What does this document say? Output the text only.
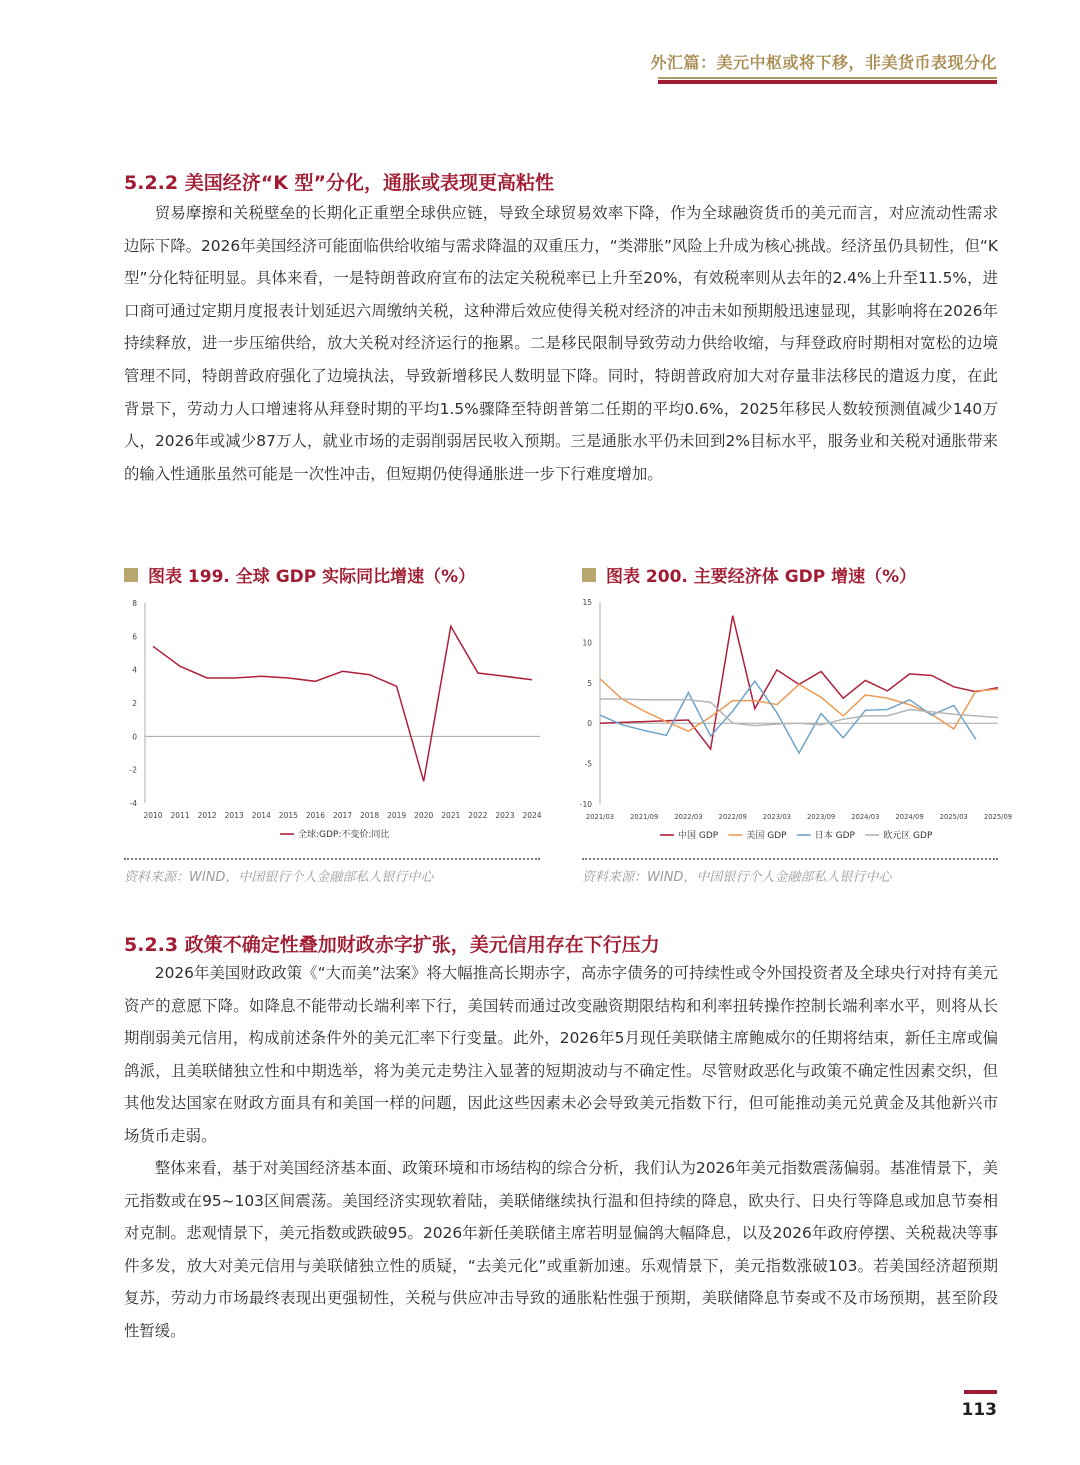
外汇篇：美元中枢或将下移，非美货币表现分化
5.2.2 美国经济“K 型”分化，通胀或表现更高粘性

贸易摩擦和关税壁垒的长期化正重塑全球供应链，导致全球贸易效率下降，作为全球融资货币的美元而言，对应流动性需求边际下降。2026年美国经济可能面临供给收缩与需求降温的双重压力，“类滞胀”风险上升成为核心挑战。经济虽仍具韧性，但“K型”分化特征明显。具体来看，一是特朗普政府宣布的法定关税税率已上升至20%，有效税率则从去年的2.4%上升至11.5%，进口商可通过定期月度报表计划延迟六周缴纳关税，这种滞后效应使得关税对经济的冲击未如预期般迅速显现，其影响将在2026年持续释放，进一步压缩供给，放大关税对经济运行的拖累。二是移民限制导致劳动力供给收缩，与拜登政府时期相对宽松的边境管理不同，特朗普政府强化了边境执法，导致新增移民人数明显下降。同时，特朗普政府加大对存量非法移民的遣返力度，在此背景下，劳动力人口增速将从拜登时期的平均1.5%骤降至特朗普第二任期的平均0.6%，2025年移民人数较预测值减少140万人，2026年或减少87万人，就业市场的走弱削弱居民收入预期。三是通胀水平仍未回到2%目标水平，服务业和关税对通胀带来的输入性通胀虽然可能是一次性冲击，但短期仍使得通胀进一步下行难度增加。

图表 199. 全球 GDP 实际同比增速（%）
-4
-2
0
2
4
6
8
2010 2011 2012 2013 2014 2015 2016 2017 2018 2019 2020 2021 2022 2023 2024
全球:GDP:不变价:同比
资料来源：WIND，中国银行个人金融部私人银行中心
图表 200. 主要经济体 GDP 增速（%）
-10
-5
0
5
10
15
2021/03 2021/09 2022/03 2022/09 2023/03 2023/09 2024/03 2024/09 2025/03 2025/09
中国 GDP	美国 GDP	日本 GDP	欧元区 GDP
资料来源：WIND，中国银行个人金融部私人银行中心
5.2.3 政策不确定性叠加财政赤字扩张，美元信用存在下行压力

2026年美国财政政策《“大而美”法案》将大幅推高长期赤字，高赤字债务的可持续性或令外国投资者及全球央行对持有美元资产的意愿下降。如降息不能带动长端利率下行，美国转而通过改变融资期限结构和利率扭转操作控制长端利率水平，则将从长期削弱美元信用，构成前述条件外的美元汇率下行变量。此外，2026年5月现任美联储主席鲍威尔的任期将结束，新任主席或偏鸽派，且美联储独立性和中期选举，将为美元走势注入显著的短期波动与不确定性。尽管财政恶化与政策不确定性因素交织，但其他发达国家在财政方面具有和美国一样的问题，因此这些因素未必会导致美元指数下行，但可能推动美元兑黄金及其他新兴市场货币走弱。

整体来看，基于对美国经济基本面、政策环境和市场结构的综合分析，我们认为2026年美元指数震荡偏弱。基准情景下，美元指数或在95~103区间震荡。美国经济实现软着陆，美联储继续执行温和但持续的降息，欧央行、日央行等降息或加息节奏相对克制。悲观情景下，美元指数或跌破95。2026年新任美联储主席若明显偏鸽大幅降息，以及2026年政府停摆、关税裁决等事件多发，放大对美元信用与美联储独立性的质疑，“去美元化”或重新加速。乐观情景下，美元指数涨破103。若美国经济超预期复苏，劳动力市场最终表现出更强韧性，关税与供应冲击导致的通胀粘性强于预期，美联储降息节奏或不及市场预期，甚至阶段性暂缓。

113
